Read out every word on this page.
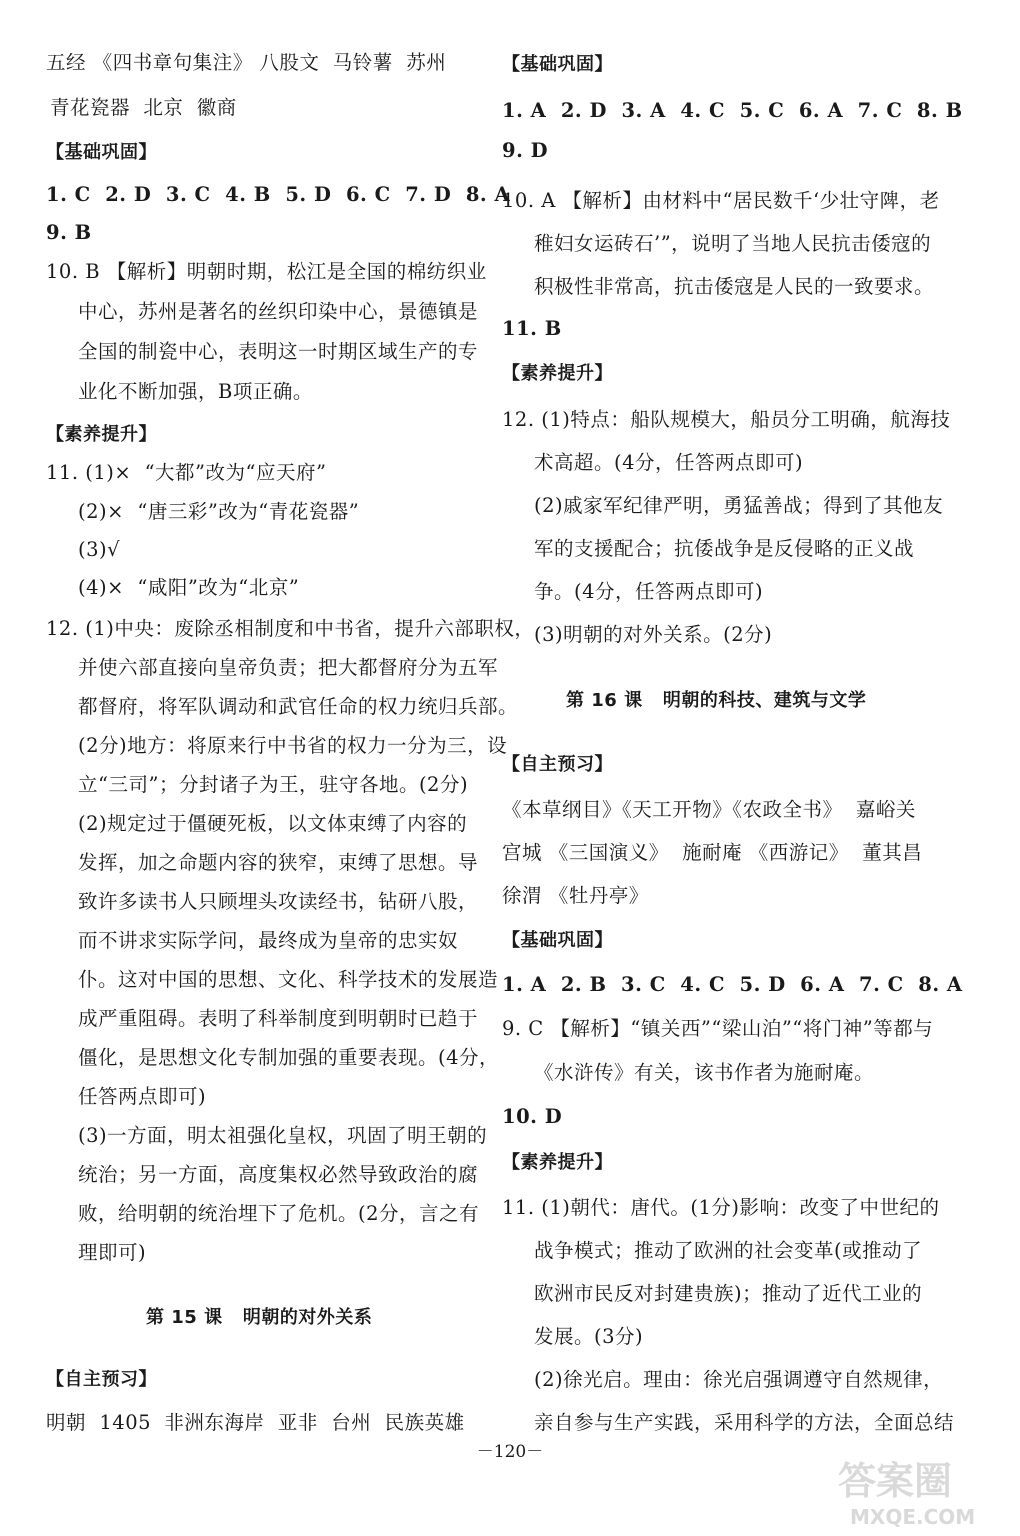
五经 《四书章句集注》 八股文  马铃薯  苏州
青花瓷器  北京  徽商
【基础巩固】
1. C  2. D  3. C  4. B  5. D  6. C  7. D  8. A
9. B
10. B 【解析】明朝时期，松江是全国的棉纺织业
中心，苏州是著名的丝织印染中心，景德镇是
全国的制瓷中心，表明这一时期区域生产的专
业化不断加强，B项正确。
【素养提升】
11. (1)×  “大都”改为“应天府”
(2)×  “唐三彩”改为“青花瓷器”
(3)√
(4)×  “咸阳”改为“北京”
12. (1)中央：废除丞相制度和中书省，提升六部职权，
并使六部直接向皇帝负责；把大都督府分为五军
都督府，将军队调动和武官任命的权力统归兵部。
(2分)地方：将原来行中书省的权力一分为三，设
立“三司”；分封诸子为王，驻守各地。(2分)
(2)规定过于僵硬死板，以文体束缚了内容的
发挥，加之命题内容的狭窄，束缚了思想。导
致许多读书人只顾埋头攻读经书，钻研八股，
而不讲求实际学问，最终成为皇帝的忠实奴
仆。这对中国的思想、文化、科学技术的发展造
成严重阻碍。表明了科举制度到明朝时已趋于
僵化，是思想文化专制加强的重要表现。(4分，
任答两点即可)
(3)一方面，明太祖强化皇权，巩固了明王朝的
统治；另一方面，高度集权必然导致政治的腐
败，给明朝的统治埋下了危机。(2分，言之有
理即可)
第 15 课   明朝的对外关系
【自主预习】
明朝  1405  非洲东海岸  亚非  台州  民族英雄
【基础巩固】
1. A  2. D  3. A  4. C  5. C  6. A  7. C  8. B
9. D
10. A 【解析】由材料中“居民数千‘少壮守陴，老
稚妇女运砖石’”，说明了当地人民抗击倭寇的
积极性非常高，抗击倭寇是人民的一致要求。
11. B
【素养提升】
12. (1)特点：船队规模大，船员分工明确，航海技
术高超。(4分，任答两点即可)
(2)戚家军纪律严明，勇猛善战；得到了其他友
军的支援配合；抗倭战争是反侵略的正义战
争。(4分，任答两点即可)
(3)明朝的对外关系。(2分)
第 16 课   明朝的科技、建筑与文学
【自主预习】
《本草纲目》《天工开物》《农政全书》  嘉峪关
宫城 《三国演义》  施耐庵 《西游记》  董其昌
徐渭 《牡丹亭》
【基础巩固】
1. A  2. B  3. C  4. C  5. D  6. A  7. C  8. A
9. C 【解析】“镇关西”“梁山泊”“将门神”等都与
《水浒传》有关，该书作者为施耐庵。
10. D
【素养提升】
11. (1)朝代：唐代。(1分)影响：改变了中世纪的
战争模式；推动了欧洲的社会变革(或推动了
欧洲市民反对封建贵族)；推动了近代工业的
发展。(3分)
(2)徐光启。理由：徐光启强调遵守自然规律，
亲自参与生产实践，采用科学的方法，全面总结
－120－
答案圈
MXQE.COM
